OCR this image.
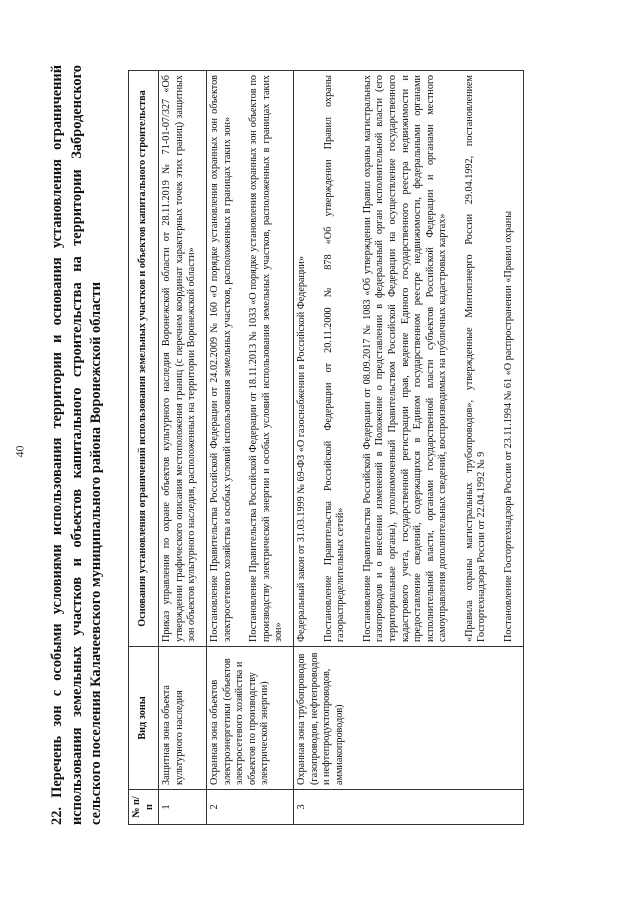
40 22. Перечень зон с особыми условиями использования территории и основания установления ограничений использования земельных участков и объектов капитального строительства на территории Заброденского сельского поселения Калачеевского муниципального района Воронежской области	№ п/п	Вид зоны	Основания установления ограничений использования земельных участков и объектов капитального строительства
1	Защитная зона объекта культурного наследия	Приказ управления по охране объектов культурного наследия Воронежской области от 28.11.2019 № 71-01-07/327 «Об утверждении графического описания местоположения границ (с перечнем координат характерных точек этих границ) защитных зон объектов культурного наследия, расположенных на территории Воронежской области»

2	Охранная зона объектов электроэнергетики (объектов электросетевого хозяйства и объектов по производству электрической энергии)	Постановление Правительства Российской Федерации от 24.02.2009 № 160 «О порядке установления охранных зон объектов электросетевого хозяйства и особых условий использования земельных участков, расположенных в границах таких зон» Постановление Правительства Российской Федерации от 18.11.2013 № 1033 «О порядке установления охранных зон объектов по производству электрической энергии и особых условий использования земельных участков, расположенных в границах таких зон»

3	Охранная зона трубопроводов (газопроводов, нефтепроводов и нефтепродуктопроводов, аммиакопроводов)	Федеральный закон от 31.03.1999 № 69-ФЗ «О газоснабжении в Российской Федерации» Постановление Правительства Российской Федерации от 20.11.2000 № 878 «Об утверждении Правил охраны газораспределительных сетей» Постановление Правительства Российской Федерации от 08.09.2017 № 1083 «Об утверждении Правил охраны магистральных газопроводов и о внесении изменений в Положение о представлении в федеральный орган исполнительной власти (его территориальные органы), уполномоченный Правительством Российской Федерации на осуществление государственного кадастрового учета, государственной регистрации прав, ведение Единого государственного реестра недвижимости и предоставление сведений, содержащихся в Едином государственном реестре недвижимости, федеральными органами исполнительной власти, органами государственной власти субъектов Российской Федерации и органами местного самоуправления дополнительных сведений, воспроизводимых на публичных кадастровых картах» «Правила охраны магистральных трубопроводов», утвержденные Минтопэнерго России 29.04.1992, постановлением Госгортехнадзора России от 22.04.1992 № 9 Постановление Госгортехнадзора России от 23.11.1994 № 61 «О распространении «Правил охраны
